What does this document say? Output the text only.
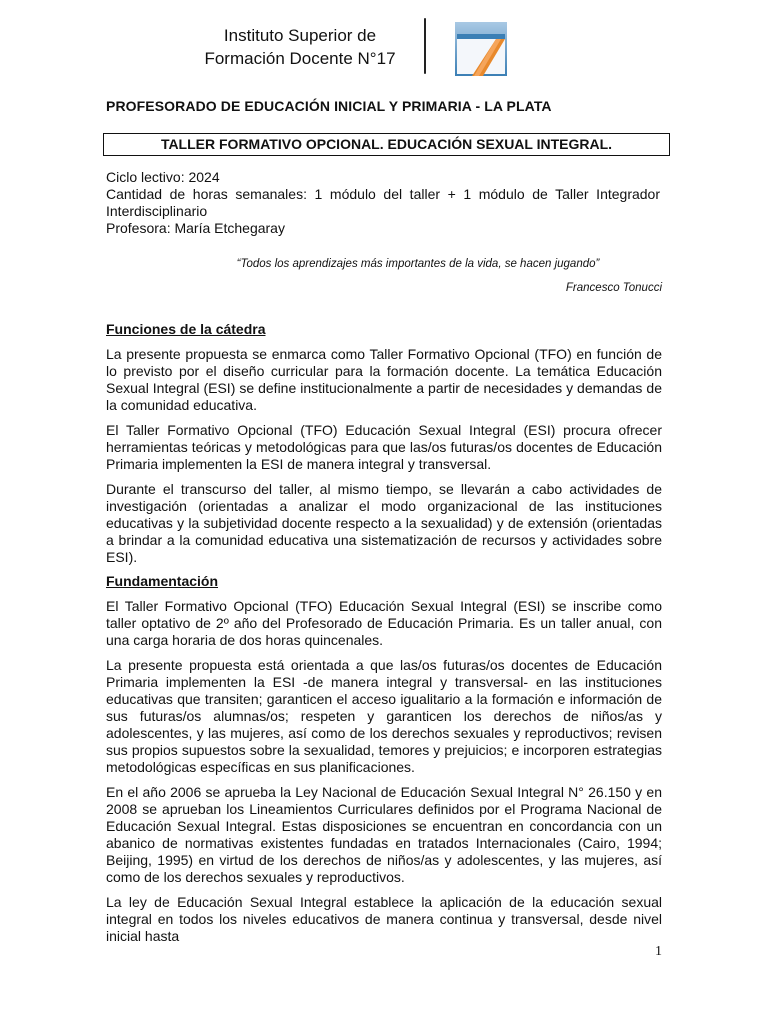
Instituto Superior de
Formación Docente N°17
PROFESORADO DE EDUCACIÓN INICIAL Y PRIMARIA - LA PLATA
TALLER FORMATIVO OPCIONAL. EDUCACIÓN SEXUAL INTEGRAL.

Ciclo lectivo: 2024

Cantidad de horas semanales: 1 módulo del taller + 1 módulo de Taller Integrador Interdisciplinario

Profesora: María Etchegaray

“Todos los aprendizajes más importantes de la vida, se hacen jugando”
Francesco Tonucci
Funciones de la cátedra

La presente propuesta se enmarca como Taller Formativo Opcional (TFO) en función de lo previsto por el diseño curricular para la formación docente. La temática Educación Sexual Integral (ESI) se define institucionalmente a partir de necesidades y demandas de la comunidad educativa.

El Taller Formativo Opcional (TFO) Educación Sexual Integral (ESI) procura ofrecer herramientas teóricas y metodológicas para que las/os futuras/os docentes de Educación Primaria implementen la ESI de manera integral y transversal.

Durante el transcurso del taller, al mismo tiempo, se llevarán a cabo actividades de investigación (orientadas a analizar el modo organizacional de las instituciones educativas y la subjetividad docente respecto a la sexualidad) y de extensión (orientadas a brindar a la comunidad educativa una sistematización de recursos y actividades sobre ESI).

Fundamentación

El Taller Formativo Opcional (TFO) Educación Sexual Integral (ESI) se inscribe como taller optativo de 2º año del Profesorado de Educación Primaria. Es un taller anual, con una carga horaria de dos horas quincenales.

La presente propuesta está orientada a que las/os futuras/os docentes de Educación Primaria implementen la ESI -de manera integral y transversal- en las instituciones educativas que transiten; garanticen el acceso igualitario a la formación e información de sus futuras/os alumnas/os; respeten y garanticen los derechos de niños/as y adolescentes, y las mujeres, así como de los derechos sexuales y reproductivos; revisen sus propios supuestos sobre la sexualidad, temores y prejuicios; e incorporen estrategias metodológicas específicas en sus planificaciones.

En el año 2006 se aprueba la Ley Nacional de Educación Sexual Integral N° 26.150 y en 2008 se aprueban los Lineamientos Curriculares definidos por el Programa Nacional de Educación Sexual Integral. Estas disposiciones se encuentran en concordancia con un abanico de normativas existentes fundadas en tratados Internacionales (Cairo, 1994; Beijing, 1995) en virtud de los derechos de niños/as y adolescentes, y las mujeres, así como de los derechos sexuales y reproductivos.

La ley de Educación Sexual Integral establece la aplicación de la educación sexual integral en todos los niveles educativos de manera continua y transversal, desde nivel inicial hasta

1
